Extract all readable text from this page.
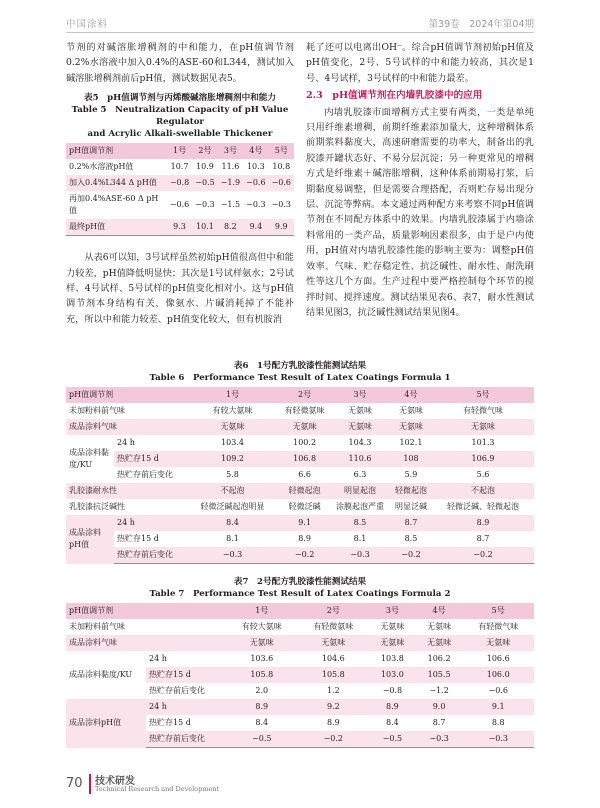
中国涂料	第39卷　2024年第04期

节剂的对碱溶胀增稠剂的中和能力，在pH值调节剂0.2%水溶液中加入0.4%的ASE-60和L344，测试加入碱溶胀增稠剂前后pH值，测试数据见表5。

表5　pH值调节剂与丙烯酸碱溶胀增稠剂中和能力
Table 5　Neutralization Capacity of pH Value Regulator
and Acrylic Alkali-swellable Thickener
pH值调节剂	1号	2号	3号	4号	5号
0.2%水溶液pH值	10.7	10.9	11.6	10.3	10.8
加入0.4%L344 Δ pH值	−0.8	−0.5	−1.9	−0.6	−0.6
再加0.4%ASE-60 Δ pH值	−0.6	−0.3	−1.5	−0.3	−0.3
最终pH值	9.3	10.1	8.2	9.4	9.9

从表6可以知，3号试样虽然初始pH值很高但中和能力较差，pH值降低明显快；其次是1号试样氨水；2号试样、4号试样、5号试样的pH值变化相对小。这与pH值调节剂本身结构有关，像氨水、片碱消耗掉了不能补充，所以中和能力较差、pH值变化较大，但有机胺消

耗了还可以电离出OH⁻。综合pH值调节剂初始pH值及pH值变化，2号、5号试样的中和能力较高，其次是1号、4号试样，3号试样的中和能力最差。

2.3　pH值调节剂在内墙乳胶漆中的应用

内墙乳胶漆市面增稠方式主要有两类，一类是单纯只用纤维素增稠，前期纤维素添加量大，这种增稠体系前期浆料黏度大，高速研磨需要的功率大，制备出的乳胶漆开罐状态好、不易分层沉淀；另一种更常见的增稠方式是纤维素＋碱溶胀增稠，这种体系前期易打浆，后期黏度易调整，但是需要合理搭配，否则贮存易出现分层、沉淀等弊病。本文通过两种配方来考察不同pH值调节剂在不同配方体系中的效果。内墙乳胶漆属于内墙涂料常用的一类产品，质量影响因素很多，由于是户内使用，pH值对内墙乳胶漆性能的影响主要为：调整pH值效率、气味、贮存稳定性、抗泛碱性、耐水性、耐洗刷性等这几个方面。生产过程中要严格控制每个环节的搅拌时间、搅拌速度。测试结果见表6、表7，耐水性测试结果见图3，抗泛碱性测试结果见图4。

表6　1号配方乳胶漆性能测试结果
Table 6　Performance Test Result of Latex Coatings Formula 1
pH值调节剂		1号	2号	3号	4号	5号
未加粉料前气味		有较大氨味	有轻微氨味	无氨味	无氨味	有轻微气味
成品涂料气味		无氨味	无氨味	无氨味	无氨味	无氨味
成品涂料黏度/KU	24 h	103.4	100.2	104.3	102.1	101.3
	热贮存15 d	109.2	106.8	110.6	108	106.9
	热贮存前后变化	5.8	6.6	6.3	5.9	5.6
乳胶漆耐水性		不起泡	轻微起泡	明显起泡	轻微起泡	不起泡
乳胶漆抗泛碱性		轻微泛碱起泡明显	轻微泛碱	涂膜起泡严重	明显泛碱	轻微泛碱、轻微起泡
成品涂料pH值	24 h	8.4	9.1	8.5	8.7	8.9
	热贮存15 d	8.1	8.9	8.1	8.5	8.7
	热贮存前后变化	−0.3	−0.2	−0.3	−0.2	−0.2
表7　2号配方乳胶漆性能测试结果
Table 7　Performance Test Result of Latex Coatings Formula 2
pH值调节剂		1号	2号	3号	4号	5号
未加粉料前气味		有较大氨味	有轻微氨味	无氨味	无氨味	有轻微气味
成品涂料气味		无氨味	无氨味	无氨味	无氨味	无氨味
成品涂料黏度/KU	24 h	103.6	104.6	103.8	106.2	106.6
	热贮存15 d	105.8	105.8	103.0	105.5	106.0
	热贮存前后变化	2.0	1.2	−0.8	−1.2	−0.6
成品涂料pH值	24 h	8.9	9.2	8.9	9.0	9.1
	热贮存15 d	8.4	8.9	8.4	8.7	8.8
	热贮存前后变化	−0.5	−0.2	−0.5	−0.3	−0.3
70 技术研发
Technical Research and Development
